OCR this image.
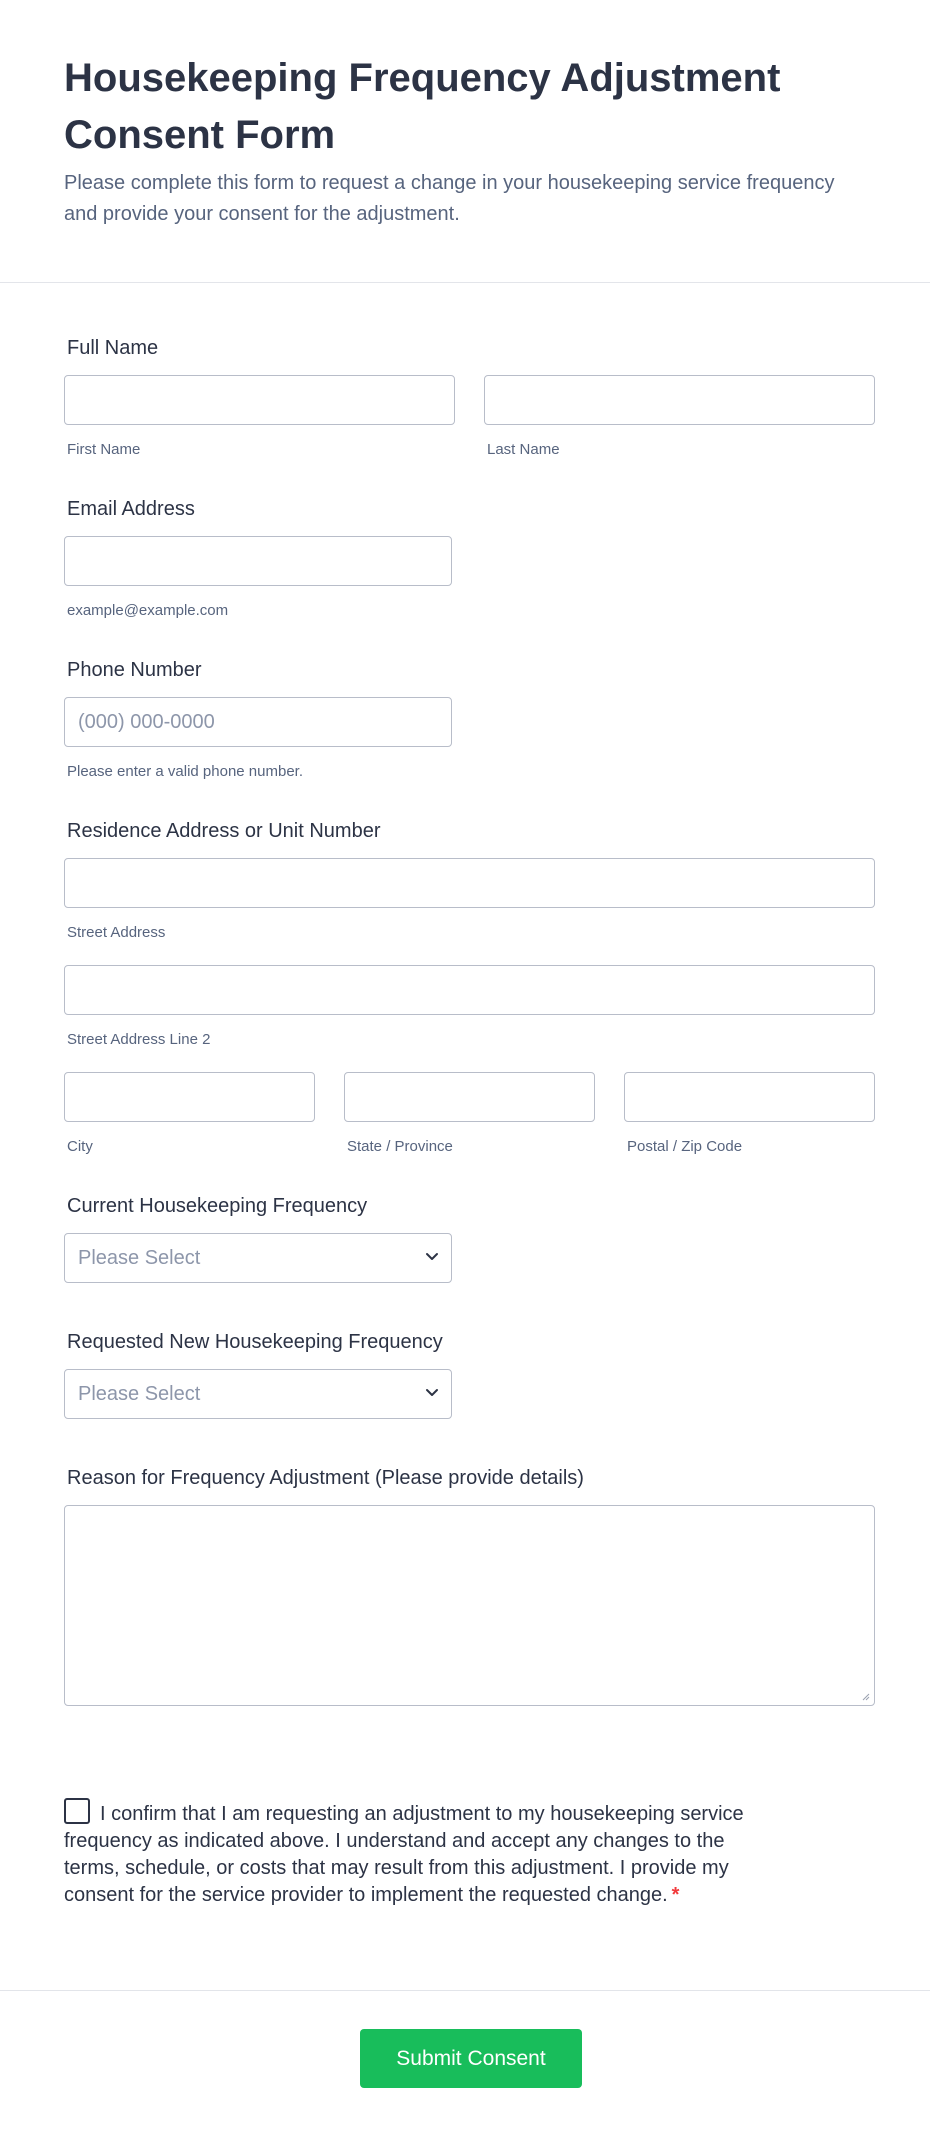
Housekeeping Frequency Adjustment Consent Form

Please complete this form to request a change in your housekeeping service frequency and provide your consent for the adjustment.

Full Name
First Name	Last Name
Email Address
example@example.com
Phone Number
(000) 000-0000
Please enter a valid phone number.
Residence Address or Unit Number
Street Address
Street Address Line 2
City	State / Province	Postal / Zip Code
Current Housekeeping Frequency
Please Select
Requested New Housekeeping Frequency
Please Select
Reason for Frequency Adjustment (Please provide details)
I confirm that I am requesting an adjustment to my housekeeping service frequency as indicated above. I understand and accept any changes to the terms, schedule, or costs that may result from this adjustment. I provide my consent for the service provider to implement the requested change. *
Submit Consent
